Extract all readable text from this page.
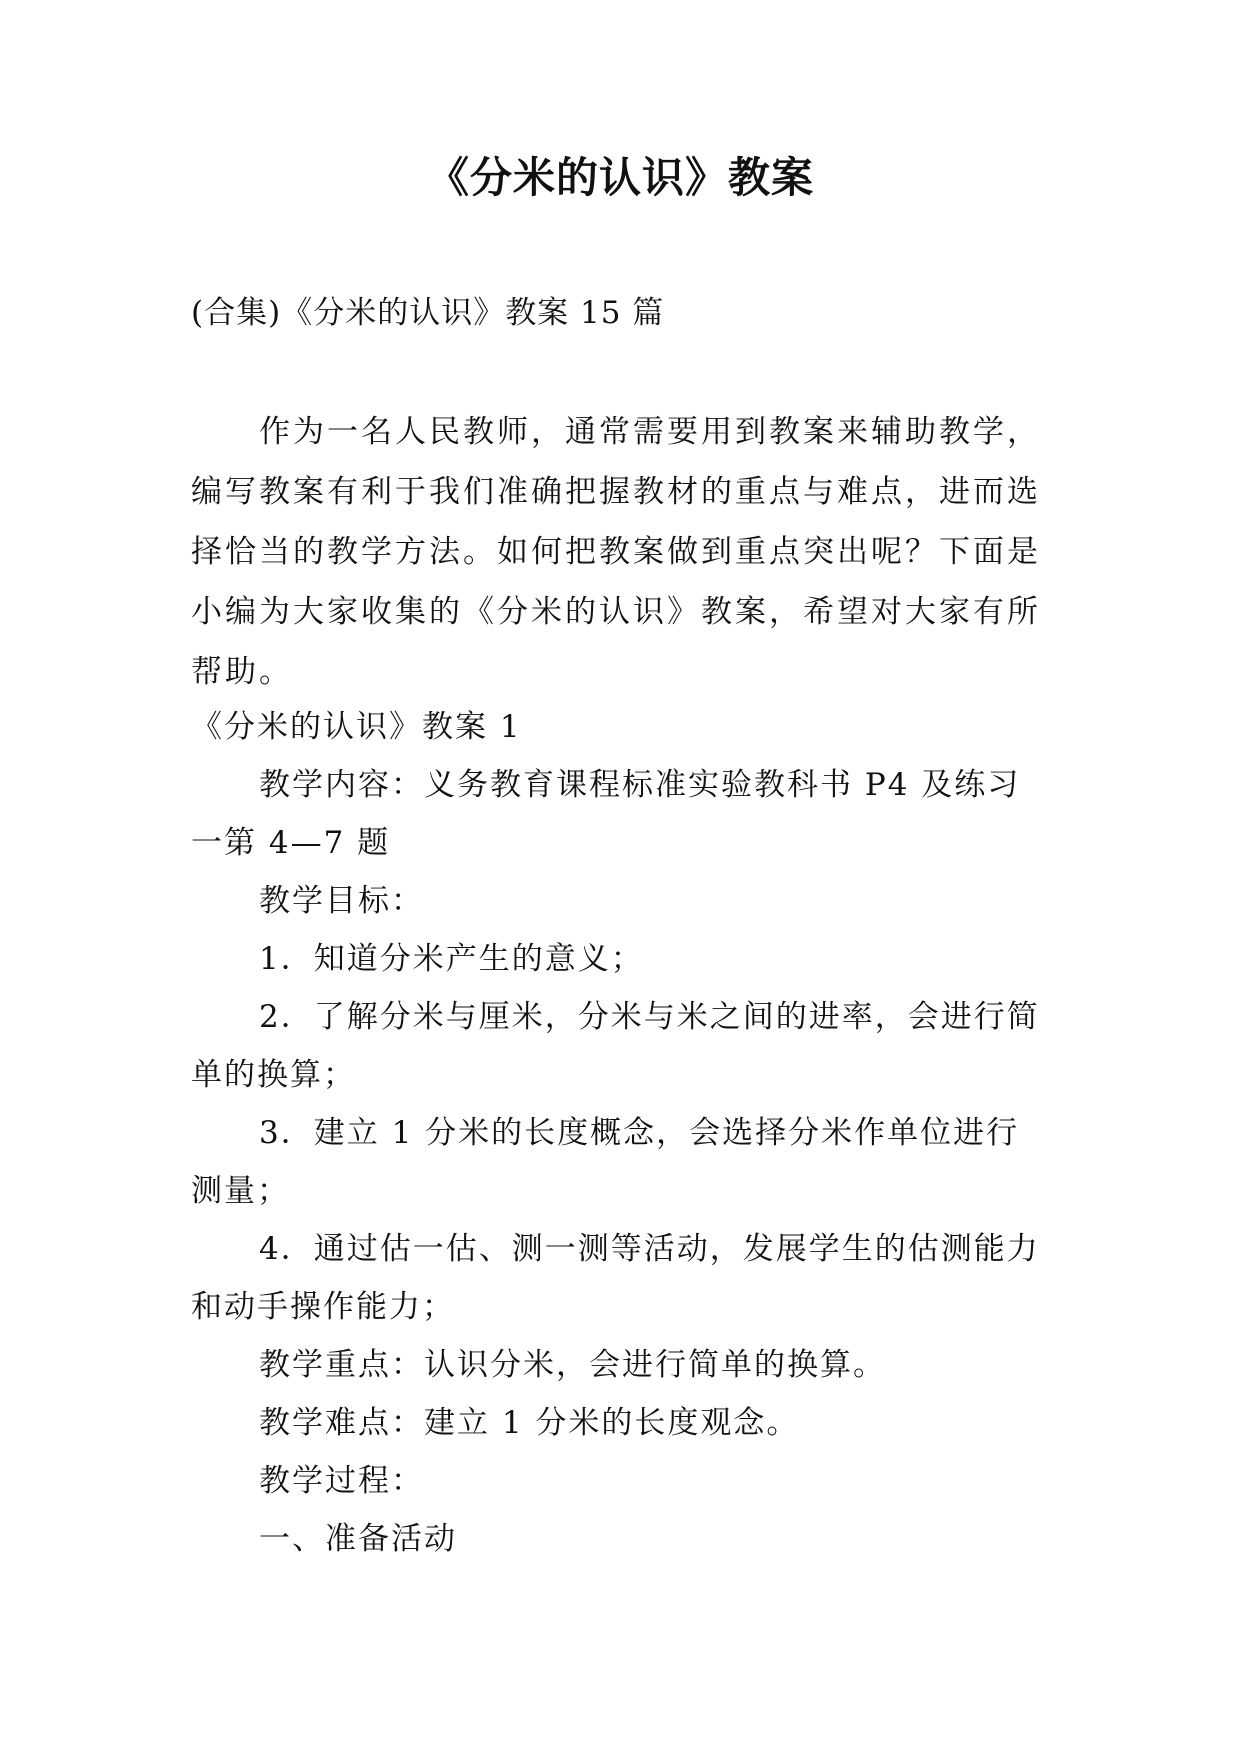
《分米的认识》教案

(合集)《分米的认识》教案 15 篇

作为一名人民教师，通常需要用到教案来辅助教学，编写教案有利于我们准确把握教材的重点与难点，进而选择恰当的教学方法。如何把教案做到重点突出呢？下面是小编为大家收集的《分米的认识》教案，希望对大家有所帮助。

《分米的认识》教案 1

教学内容：义务教育课程标准实验教科书 P4 及练习一第 4—7 题

教学目标：

1．知道分米产生的意义；

2．了解分米与厘米，分米与米之间的进率，会进行简单的换算；

3．建立 1 分米的长度概念，会选择分米作单位进行测量；

4．通过估一估、测一测等活动，发展学生的估测能力和动手操作能力；

教学重点：认识分米，会进行简单的换算。

教学难点：建立 1 分米的长度观念。

教学过程：

一、准备活动
